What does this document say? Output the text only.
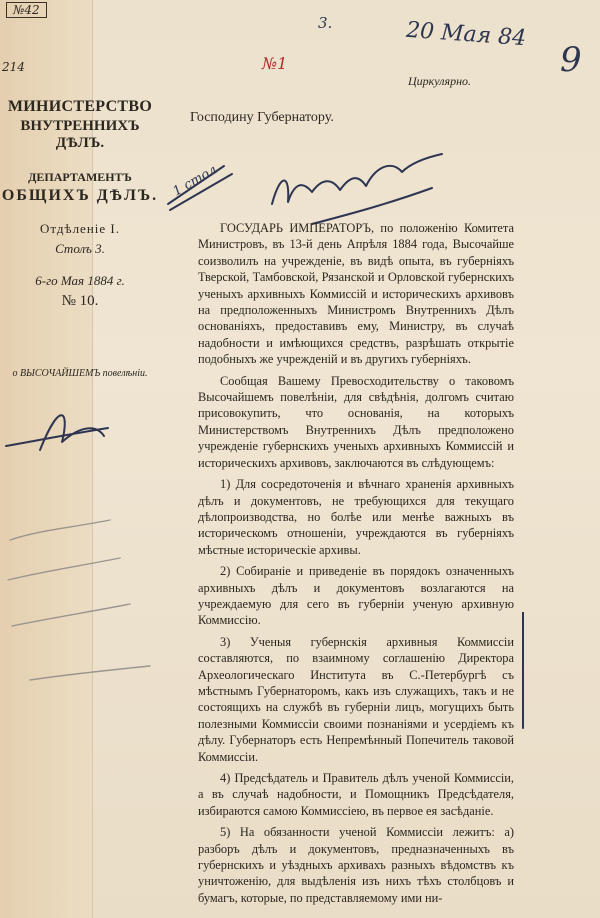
№42
214
3.	20 Мая 84
9
№1
Циркулярно.
МИНИСТЕРСТВО
ВНУТРЕННИХЪ ДѢЛЪ.
ДЕПАРТАМЕНТЪ
ОБЩИХЪ ДѢЛЪ.
Отдѣленіе I.
Столъ 3.
6-го Мая 1884 г.
№ 10.
о ВЫСОЧАЙШЕМЪ повелѣніи.
Господину Губернатору.
1 стол

ГОСУДАРЬ ИМПЕРАТОРЪ, по положенію Комитета Министровъ, въ 13-й день Апрѣля 1884 года, Высочайше соизволилъ на учрежденіе, въ видѣ опыта, въ губерніяхъ Тверской, Тамбовской, Рязанской и Орловской губернскихъ ученыхъ архивныхъ Коммиссій и историческихъ архивовъ на предположенныхъ Министромъ Внутреннихъ Дѣлъ основаніяхъ, предоставивъ ему, Министру, въ случаѣ надобности и имѣющихся средствъ, разрѣшать открытіе подобныхъ же учрежденій и въ другихъ губерніяхъ.

Сообщая Вашему Превосходительству о таковомъ Высочайшемъ повелѣніи, для свѣдѣнія, долгомъ считаю присовокупить, что основанія, на которыхъ Министерствомъ Внутреннихъ Дѣлъ предположено учрежденіе губернскихъ ученыхъ архивныхъ Коммиссій и историческихъ архивовъ, заключаются въ слѣдующемъ:

1) Для сосредоточенія и вѣчнаго храненія архивныхъ дѣлъ и документовъ, не требующихся для текущаго дѣлопроизводства, но болѣе или менѣе важныхъ въ историческомъ отношеніи, учреждаются въ губерніяхъ мѣстные историческіе архивы.

2) Собираніе и приведеніе въ порядокъ означенныхъ архивныхъ дѣлъ и документовъ возлагаются на учреждаемую для сего въ губерніи ученую архивную Коммиссію.

3) Ученыя губернскія архивныя Коммиссіи составляются, по взаимному соглашенію Директора Археологическаго Института въ С.-Петербургѣ съ мѣстнымъ Губернаторомъ, какъ изъ служащихъ, такъ и не состоящихъ на службѣ въ губерніи лицъ, могущихъ быть полезными Коммиссіи своими познаніями и усердіемъ къ дѣлу. Губернаторъ есть Непремѣнный Попечитель таковой Коммиссіи.

4) Предсѣдатель и Правитель дѣлъ ученой Коммиссіи, а въ случаѣ надобности, и Помощникъ Предсѣдателя, избираются самою Коммиссіею, въ первое ея засѣданіе.

5) На обязанности ученой Коммиссіи лежитъ: а) разборъ дѣлъ и документовъ, предназначенныхъ въ губернскихъ и уѣздныхъ архивахъ разныхъ вѣдомствъ къ уничтоженію, для выдѣленія изъ нихъ тѣхъ столбцовъ и бумагъ, которые, по представляемому ими ни-
